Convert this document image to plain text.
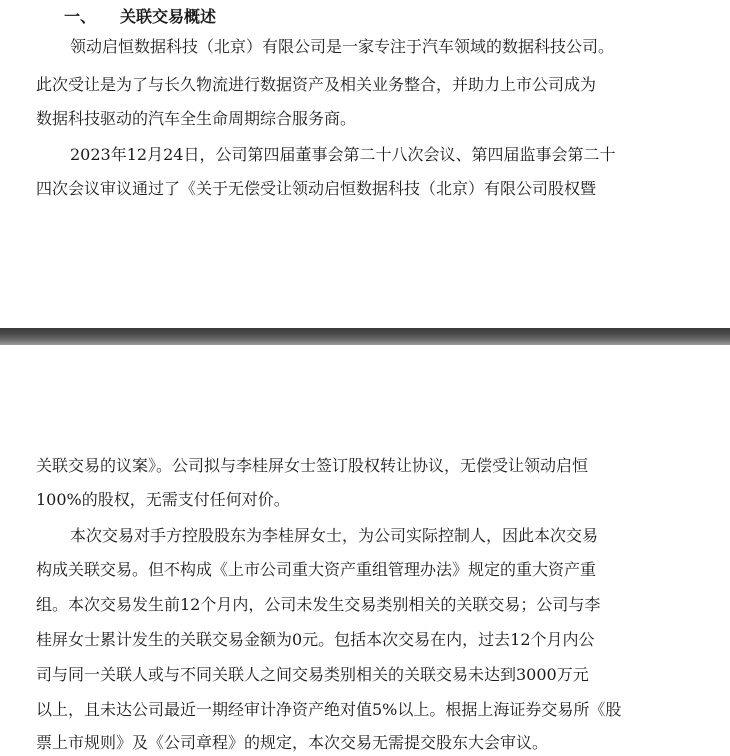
一、 关联交易概述
领动启恒数据科技（北京）有限公司是一家专注于汽车领域的数据科技公司。
此次受让是为了与长久物流进行数据资产及相关业务整合，并助力上市公司成为
数据科技驱动的汽车全生命周期综合服务商。
2023年12月24日，公司第四届董事会第二十八次会议、第四届监事会第二十
四次会议审议通过了《关于无偿受让领动启恒数据科技（北京）有限公司股权暨
关联交易的议案》。公司拟与李桂屏女士签订股权转让协议，无偿受让领动启恒
100%的股权，无需支付任何对价。
本次交易对手方控股股东为李桂屏女士，为公司实际控制人，因此本次交易
构成关联交易。但不构成《上市公司重大资产重组管理办法》规定的重大资产重
组。本次交易发生前12个月内，公司未发生交易类别相关的关联交易；公司与李
桂屏女士累计发生的关联交易金额为0元。包括本次交易在内，过去12个月内公
司与同一关联人或与不同关联人之间交易类别相关的关联交易未达到3000万元
以上，且未达公司最近一期经审计净资产绝对值5%以上。根据上海证券交易所《股
票上市规则》及《公司章程》的规定，本次交易无需提交股东大会审议。
